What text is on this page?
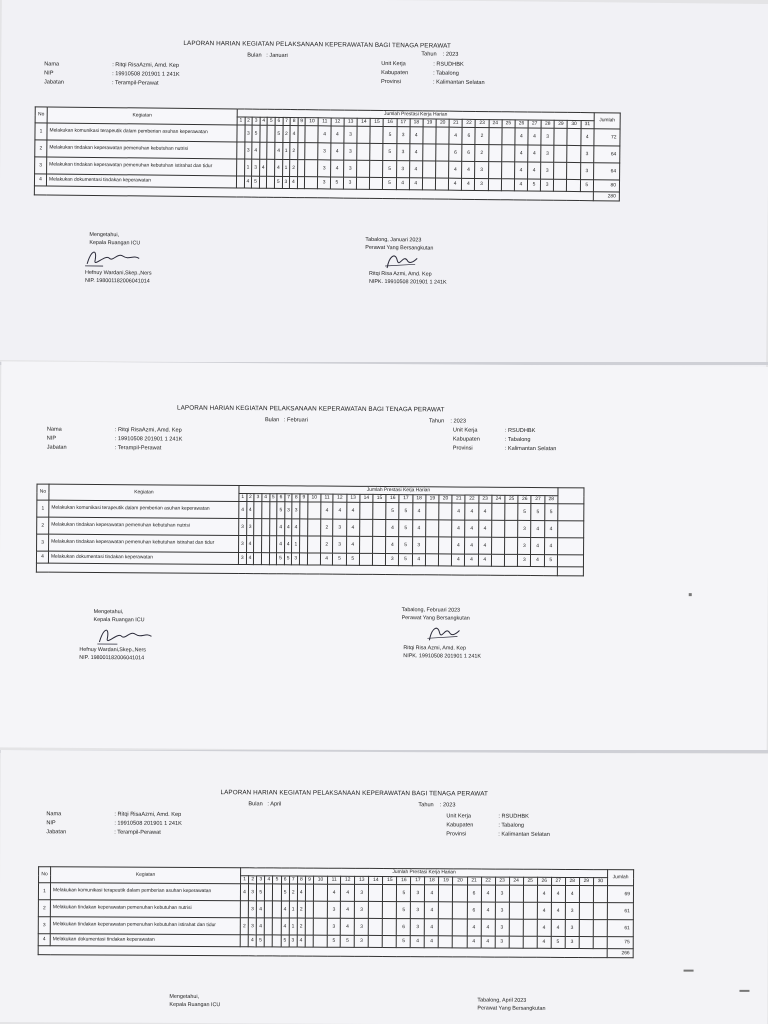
LAPORAN HARIAN KEGIATAN PELAKSANAAN KEPERAWATAN BAGI TENAGA PERAWAT
Bulan : Januari	Tahun : 2023
Nama	: Ritqi RisaAzmi, Amd. Kep
NIP	: 19910508 201901 1 241K
Jabatan	: Terampil-Perawat
Unit Kerja	: RSUDHBK
Kabupaten	: Tabalong
Provinsi	: Kalimantan Selatan
No	Kegiatan	Jumlah Prestasi Kerja Harian																															Jumlah
		1	2	3	4	5	6	7	8	9	10	11	12	13	14	15	16	17	18	19	20	21	22	23	24	25	26	27	28	29	30	31	
1	Melakukan komunikasi terapeutik dalam pemberian asuhan keperawatan		3	5			5	2	4			4	4	3			5	3	4			4	6	2			4	4	3			4	72
2	Melakukan tindakan keperawatan pemenuhan kebutuhan nutrisi		3	4			4	1	2			3	4	3			5	3	4			6	6	2			4	4	3			3	64
3	Melakukan tindakan keperawatan pemenuhan kebutuhan istirahat dan tidur		1	3	4		4	1	2			3	4	3			5	3	4			4	4	3			4	4	3			3	64
4	Melakukan dokumentasi tindakan keperawatan		4	5			5	3	4			3	5	3			5	4	4			4	4	3			4	5	3			5	80
																																	280
Mengetahui,
Kepala Ruangan ICU
Hefnuy Wardani,Skep.,Ners
NIP. 198001182006041014
Tabalong, Januari 2023
Perawat Yang Bersangkutan
Ritqi Risa Azmi, Amd. Kep
NIPK. 19910508 201901 1 241K
LAPORAN HARIAN KEGIATAN PELAKSANAAN KEPERAWATAN BAGI TENAGA PERAWAT
Bulan : Februari	Tahun : 2023
Nama	: Ritqi RisaAzmi, Amd. Kep
NIP	: 19910508 201901 1 241K
Jabatan	: Terampil-Perawat
Unit Kerja	: RSUDHBK
Kabupaten	: Tabalong
Provinsi	: Kalimantan Selatan
No	Kegiatan	Jumlah Prestasi Kerja Harian																												
		1	2	3	4	5	6	7	8	9	10	11	12	13	14	15	16	17	18	19	20	21	22	23	24	25	26	27	28	
1	Melakukan komunikasi terapeutik dalam pemberian asuhan keperawatan	4	4				5	3	3			4	4	4			5	5	4			4	4	4			5	5	5	
2	Melakukan tindakan keperawatan pemenuhan kebutuhan nutrisi	3	3				4	4	4			2	3	4			4	5	4			4	4	4			3	4	4	
3	Melakukan tindakan keperawatan pemenuhan kebutuhan istirahat dan tidur	3	4				4	4	1			2	3	4			4	5	3			4	4	4			3	4	4	
4	Melakukan dokumentasi tindakan keperawatan	3	4				5	5	3			4	5	5			3	5	4			4	4	4			3	4	5	

Mengetahui,
Kepala Ruangan ICU
Hefnuy Wardani,Skep.,Ners
NIP. 198001182006041014
Tabalong, Februari 2023
Perawat Yang Bersangkutan
Ritqi Risa Azmi, Amd. Kep
NIPK. 19910508 201901 1 241K
LAPORAN HARIAN KEGIATAN PELAKSANAAN KEPERAWATAN BAGI TENAGA PERAWAT
Bulan : April	Tahun : 2023
Nama	: Ritqi RisaAzmi, Amd. Kep
NIP	: 19910508 201901 1 241K
Jabatan	: Terampil-Perawat
Unit Kerja	: RSUDHBK
Kabupaten	: Tabalong
Provinsi	: Kalimantan Selatan
No	Kegiatan	Jumlah Prestasi Kerja Harian																														Jumlah
		1	2	3	4	5	6	7	8	9	10	11	12	13	14	15	16	17	18	19	20	21	22	23	24	25	26	27	28	29	30	
1	Melakukan komunikasi terapeutik dalam pemberian asuhan keperawatan	4	3	5			5	2	4			4	4	3			5	3	4			6	4	3			4	4	4			69
2	Melakukan tindakan keperawatan pemenuhan kebutuhan nutrisi		3	4			4	1	2			3	4	3			5	3	4			6	4	3			4	4	3			61
3	Melakukan tindakan keperawatan pemenuhan kebutuhan istirahat dan tidur	2	3	4			4	1	2			3	4	3			6	3	4			4	4	3			4	4	3			61
4	Melakukan dokumentasi tindakan keperawatan		4	5			5	3	4			5	5	3			5	4	4			4	4	3			4	5	3			75
																																266
Mengetahui,
Kepala Ruangan ICU
Tabalong, April 2023
Perawat Yang Bersangkutan
